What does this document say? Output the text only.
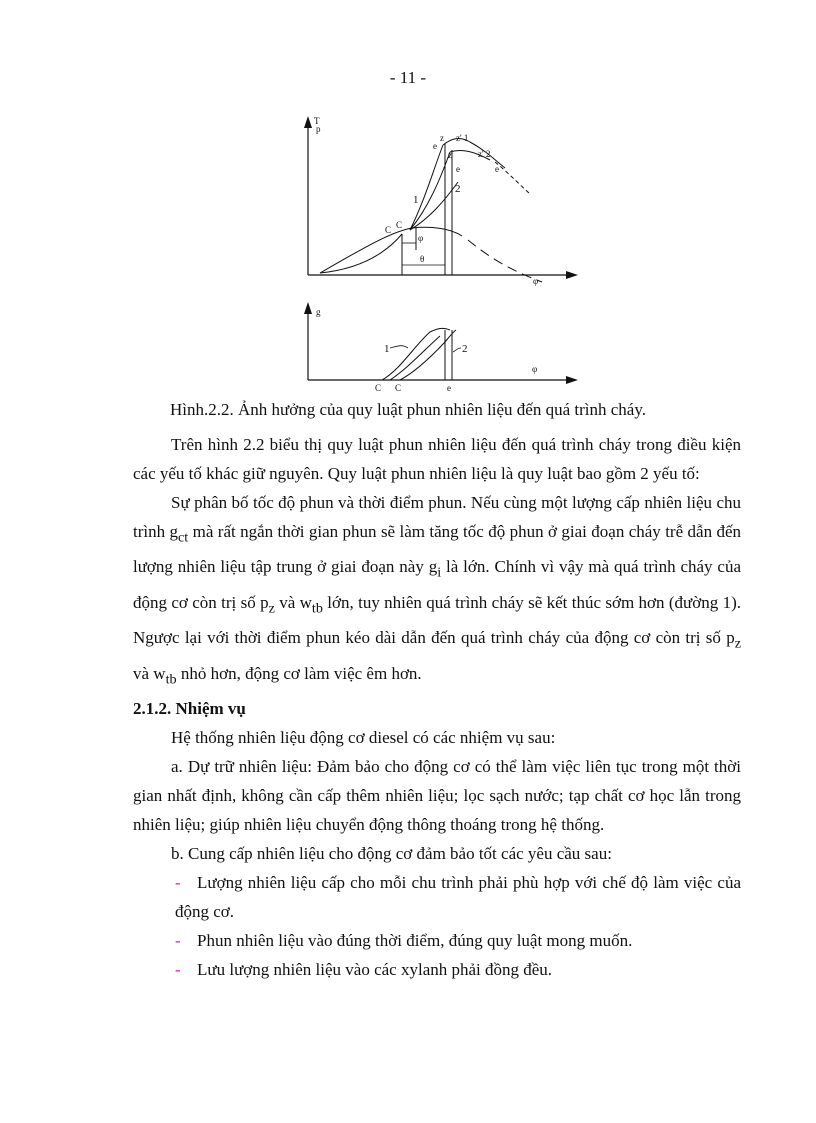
- 11 -
T
p
φ
z z' 1
e
z	z' 2
e	e
1
2
C C
φ
θ
g
φ
1	2
C C	e
Hình.2.2. Ảnh hưởng của quy luật phun nhiên liệu đến quá trình cháy.

Trên hình 2.2 biểu thị quy luật phun nhiên liệu đến quá trình cháy trong điều kiện các yếu tố khác giữ nguyên. Quy luật phun nhiên liệu là quy luật bao gồm 2 yếu tố:

Sự phân bố tốc độ phun và thời điểm phun. Nếu cùng một lượng cấp nhiên liệu chu trình $g_{ct}$ mà rất ngắn thời gian phun sẽ làm tăng tốc độ phun ở giai đoạn cháy trễ dẫn đến lượng nhiên liệu tập trung ở giai đoạn này $g_i$ là lớn. Chính vì vậy mà quá trình cháy của động cơ còn trị số $p_z$ và $w_{tb}$ lớn, tuy nhiên quá trình cháy sẽ kết thúc sớm hơn (đường 1). Ngược lại với thời điểm phun kéo dài dẫn đến quá trình cháy của động cơ còn trị số $p_z$ và $w_{tb}$ nhỏ hơn, động cơ làm việc êm hơn.

2.1.2. Nhiệm vụ

Hệ thống nhiên liệu động cơ diesel có các nhiệm vụ sau:

a. Dự trữ nhiên liệu: Đảm bảo cho động cơ có thể làm việc liên tục trong một thời gian nhất định, không cần cấp thêm nhiên liệu; lọc sạch nước; tạp chất cơ học lẫn trong nhiên liệu; giúp nhiên liệu chuyển động thông thoáng trong hệ thống.

b. Cung cấp nhiên liệu cho động cơ đảm bảo tốt các yêu cầu sau:

- Lượng nhiên liệu cấp cho mỗi chu trình phải phù hợp với chế độ làm việc của động cơ.

- Phun nhiên liệu vào đúng thời điểm, đúng quy luật mong muốn.

- Lưu lượng nhiên liệu vào các xylanh phải đồng đều.
